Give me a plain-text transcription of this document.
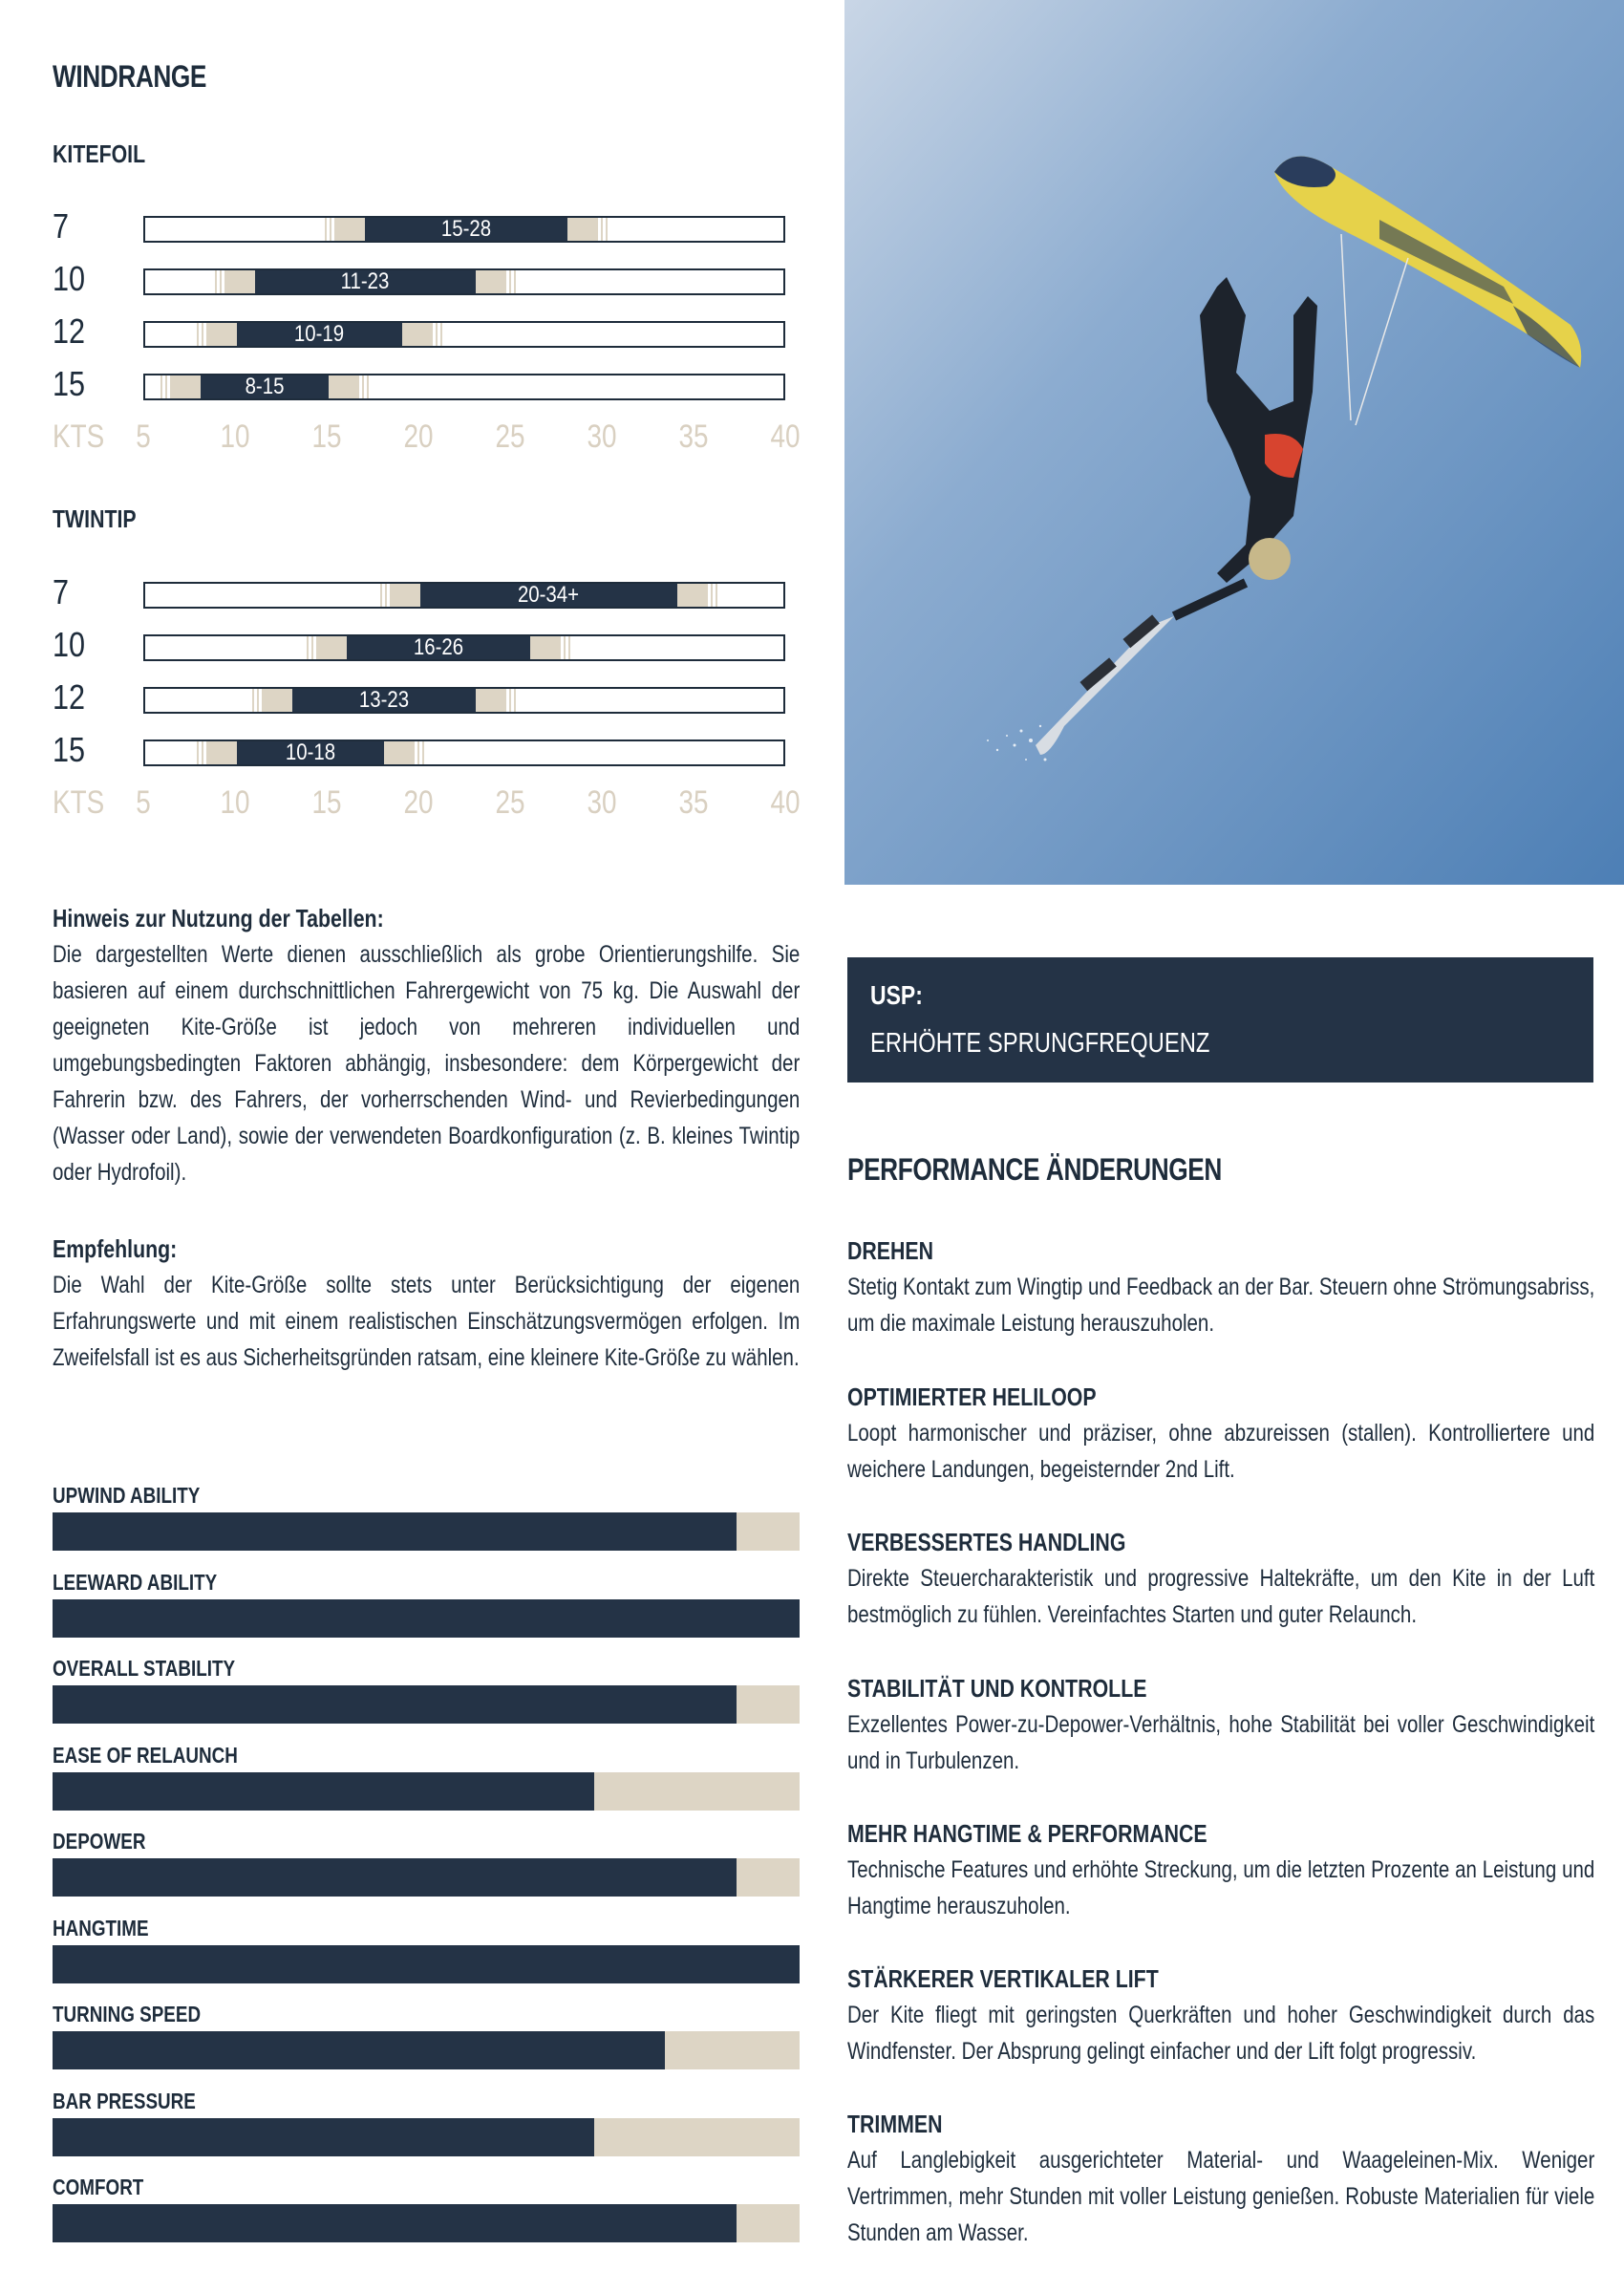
WINDRANGE
KITEFOIL
7	15-28
10	11-23
12	10-19
15	8-15
KTS 5 10 15 20 25 30 35 40
TWINTIP
7	20-34+
10	16-26
12	13-23
15	10-18
KTS 5 10 15 20 25 30 35 40
Hinweis zur Nutzung der Tabellen:
Die dargestellten Werte dienen ausschließlich als grobe Orientierungshilfe. Sie basieren auf einem durchschnittlichen Fahrergewicht von 75 kg. Die Auswahl der geeigneten Kite-Größe ist jedoch von mehreren individuellen und umgebungsbedingten Faktoren abhängig, insbesondere: dem Körpergewicht der Fahrerin bzw. des Fahrers, der vorherrschenden Wind- und Revierbedingungen (Wasser oder Land), sowie der verwendeten Boardkonfiguration (z. B. kleines Twintip oder Hydrofoil).
Empfehlung:
Die Wahl der Kite-Größe sollte stets unter Berücksichtigung der eigenen Erfahrungswerte und mit einem realistischen Einschätzungsvermögen erfolgen. Im Zweifelsfall ist es aus Sicherheitsgründen ratsam, eine kleinere Kite-Größe zu wählen.
UPWIND ABILITY
LEEWARD ABILITY
OVERALL STABILITY
EASE OF RELAUNCH
DEPOWER
HANGTIME
TURNING SPEED
BAR PRESSURE
COMFORT
USP:
ERHÖHTE SPRUNGFREQUENZ
PERFORMANCE ÄNDERUNGEN
DREHEN
Stetig Kontakt zum Wingtip und Feedback an der Bar. Steuern ohne Strömungsabriss, um die maximale Leistung herauszuholen.
OPTIMIERTER HELILOOP
Loopt harmonischer und präziser, ohne abzureissen (stallen). Kontrolliertere und weichere Landungen, begeisternder 2nd Lift.
VERBESSERTES HANDLING
Direkte Steuercharakteristik und progressive Haltekräfte, um den Kite in der Luft bestmöglich zu fühlen. Vereinfachtes Starten und guter Relaunch.
STABILITÄT UND KONTROLLE
Exzellentes Power-zu-Depower-Verhältnis, hohe Stabilität bei voller Geschwindigkeit und in Turbulenzen.
MEHR HANGTIME & PERFORMANCE
Technische Features und erhöhte Streckung, um die letzten Prozente an Leistung und Hangtime herauszuholen.
STÄRKERER VERTIKALER LIFT
Der Kite fliegt mit geringsten Querkräften und hoher Geschwindigkeit durch das Windfenster. Der Absprung gelingt einfacher und der Lift folgt progressiv.
TRIMMEN
Auf Langlebigkeit ausgerichteter Material- und Waageleinen-Mix. Weniger Vertrimmen, mehr Stunden mit voller Leistung genießen. Robuste Materialien für viele Stunden am Wasser.
